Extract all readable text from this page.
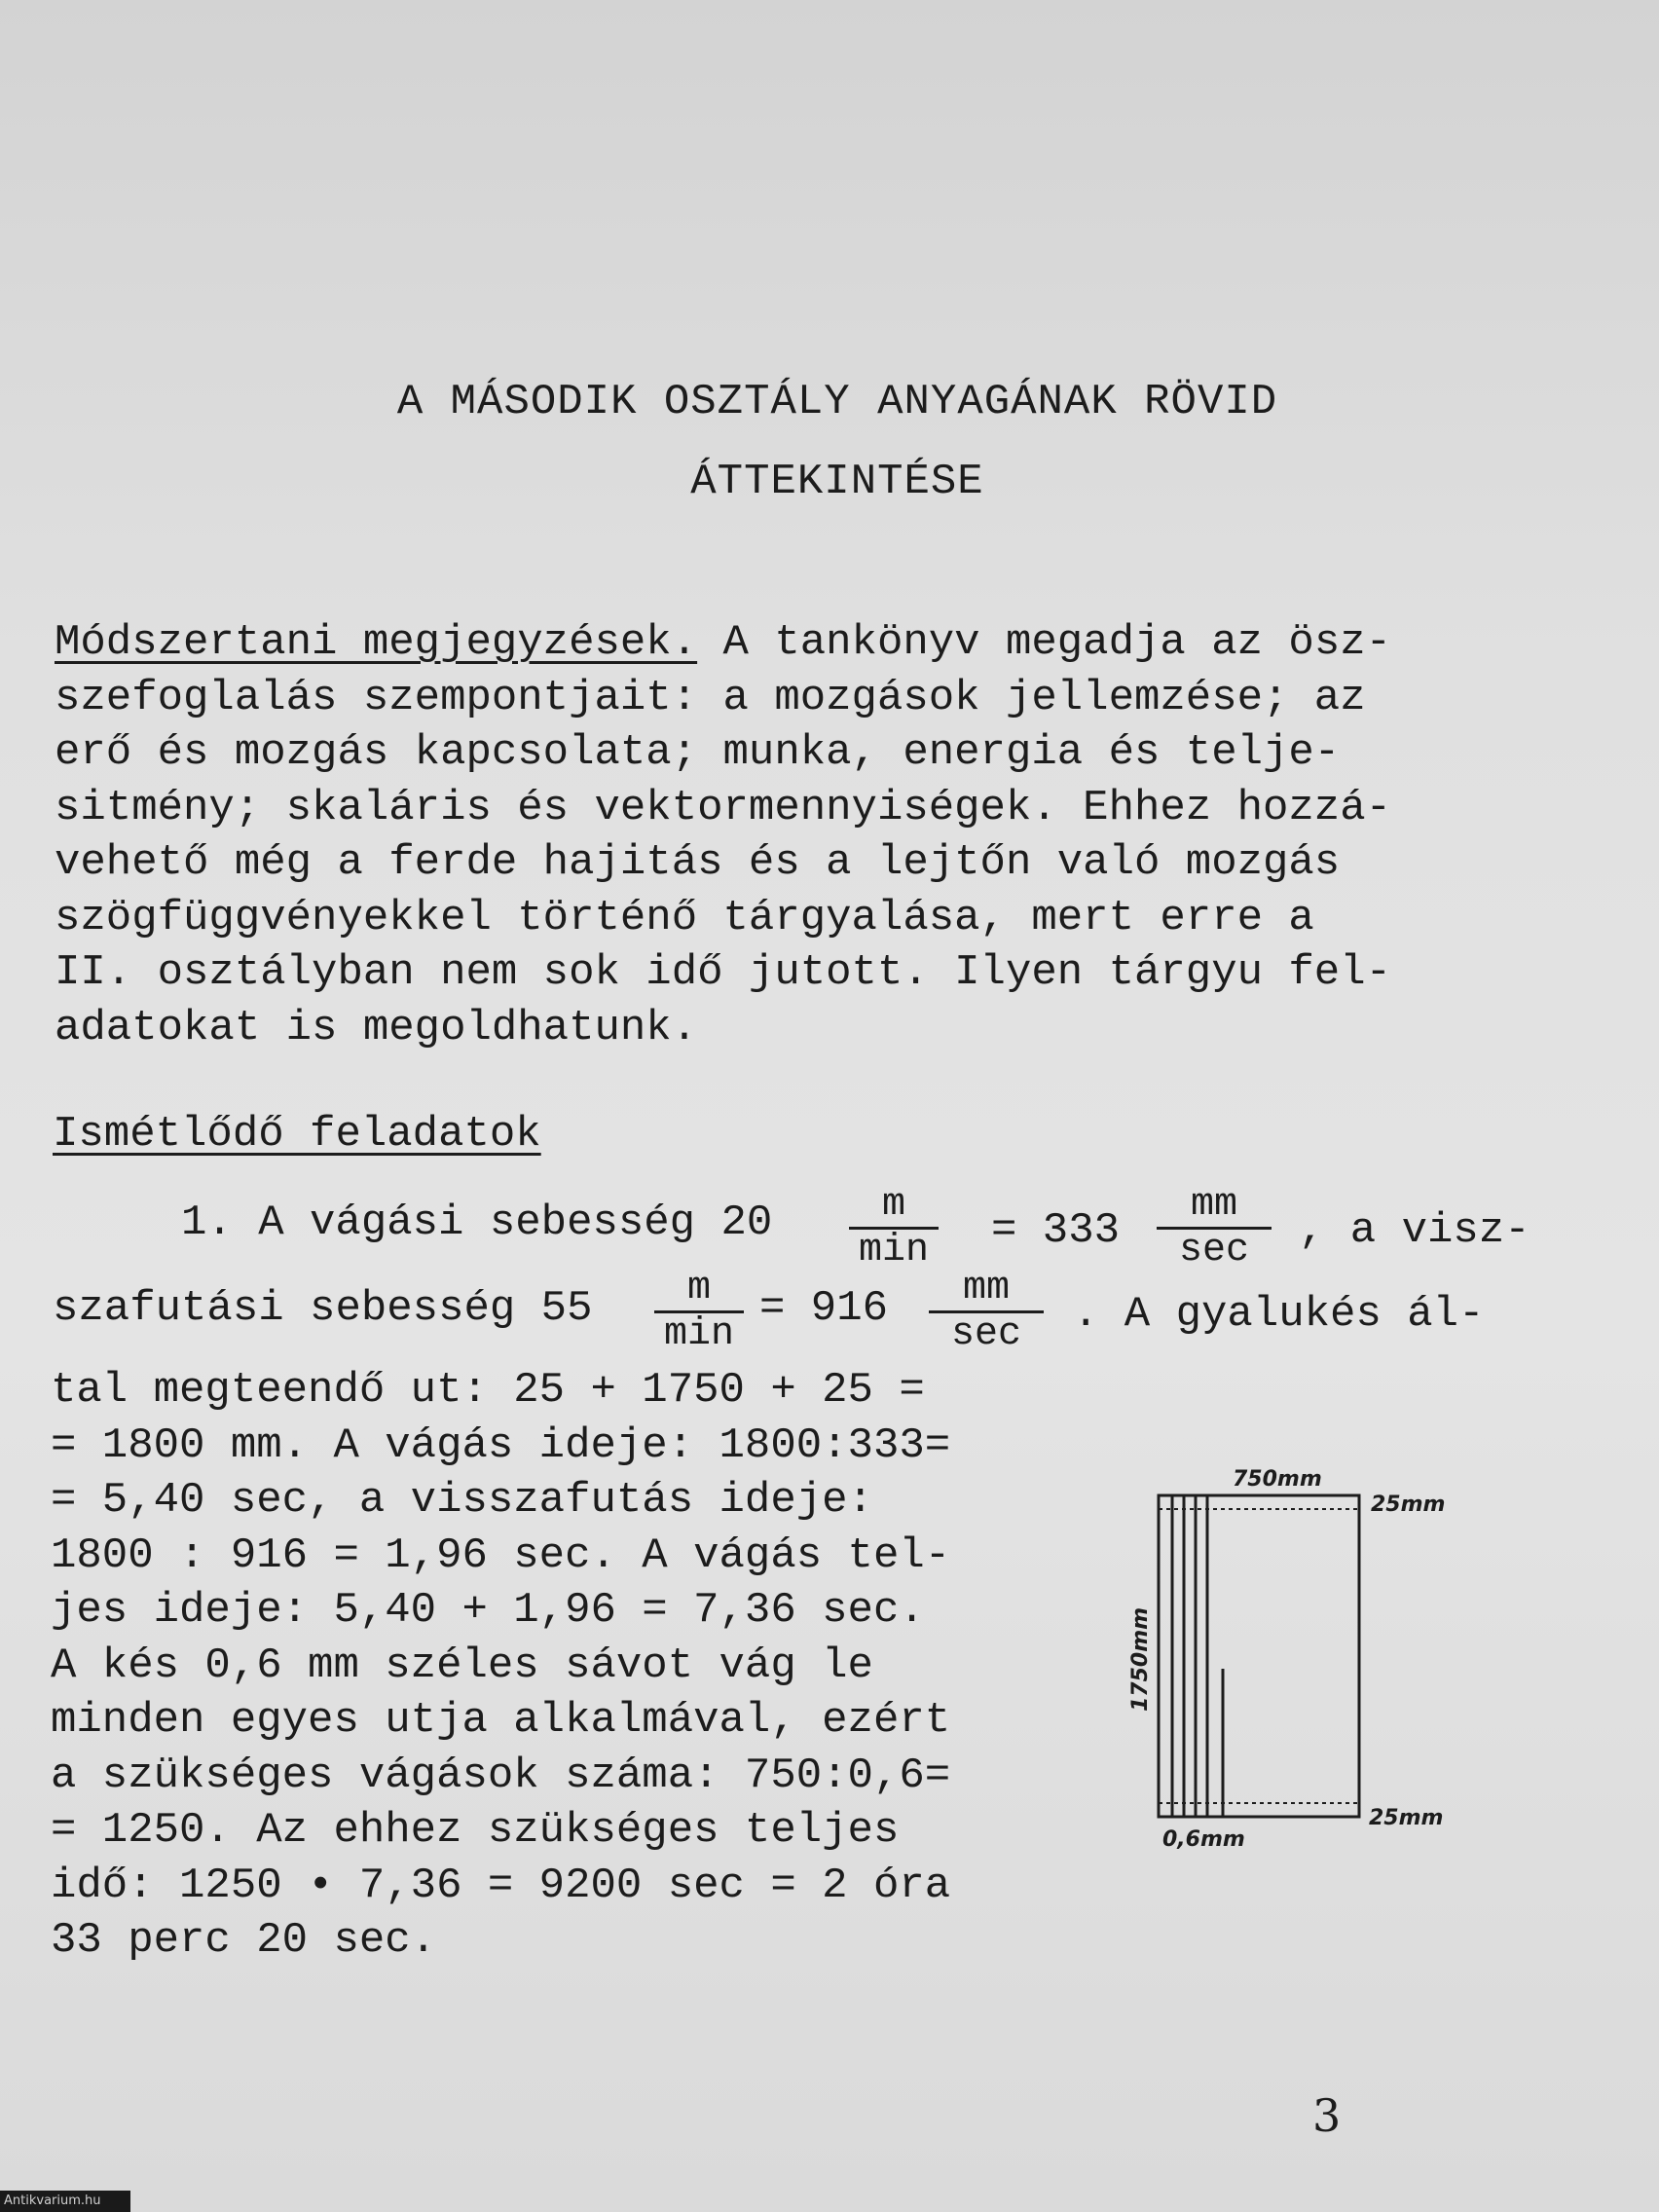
A MÁSODIK OSZTÁLY ANYAGÁNAK RÖVID
ÁTTEKINTÉSE
Módszertani megjegyzések. A tankönyv megadja az ösz-
szefoglalás szempontjait: a mozgások jellemzése; az
erő és mozgás kapcsolata; munka, energia és telje-
sitmény; skaláris és vektormennyiségek. Ehhez hozzá-
vehető még a ferde hajitás és a lejtőn való mozgás
szögfüggvényekkel történő tárgyalása, mert erre a
II. osztályban nem sok idő jutott. Ilyen tárgyu fel-
adatokat is megoldhatunk.
Ismétlődő feladatok
1. A vágási sebesség 20	m
min = 333
mm
sec	, a visz-
szafutási sebesség 55	m
min
= 916	mm
sec	. A gyalukés ál-
tal megteendő ut: 25 + 1750 + 25 =
= 1800 mm. A vágás ideje: 1800:333=
= 5,40 sec, a visszafutás ideje:
1800 : 916 = 1,96 sec. A vágás tel-
jes ideje: 5,40 + 1,96 = 7,36 sec.
A kés 0,6 mm széles sávot vág le
minden egyes utja alkalmával, ezért
a szükséges vágások száma: 750:0,6=
= 1250. Az ehhez szükséges teljes
idő: 1250 • 7,36 = 9200 sec = 2 óra
33 perc 20 sec.
750mm
25mm
25mm
0,6mm
1750mm
3
Antikvarium.hu
